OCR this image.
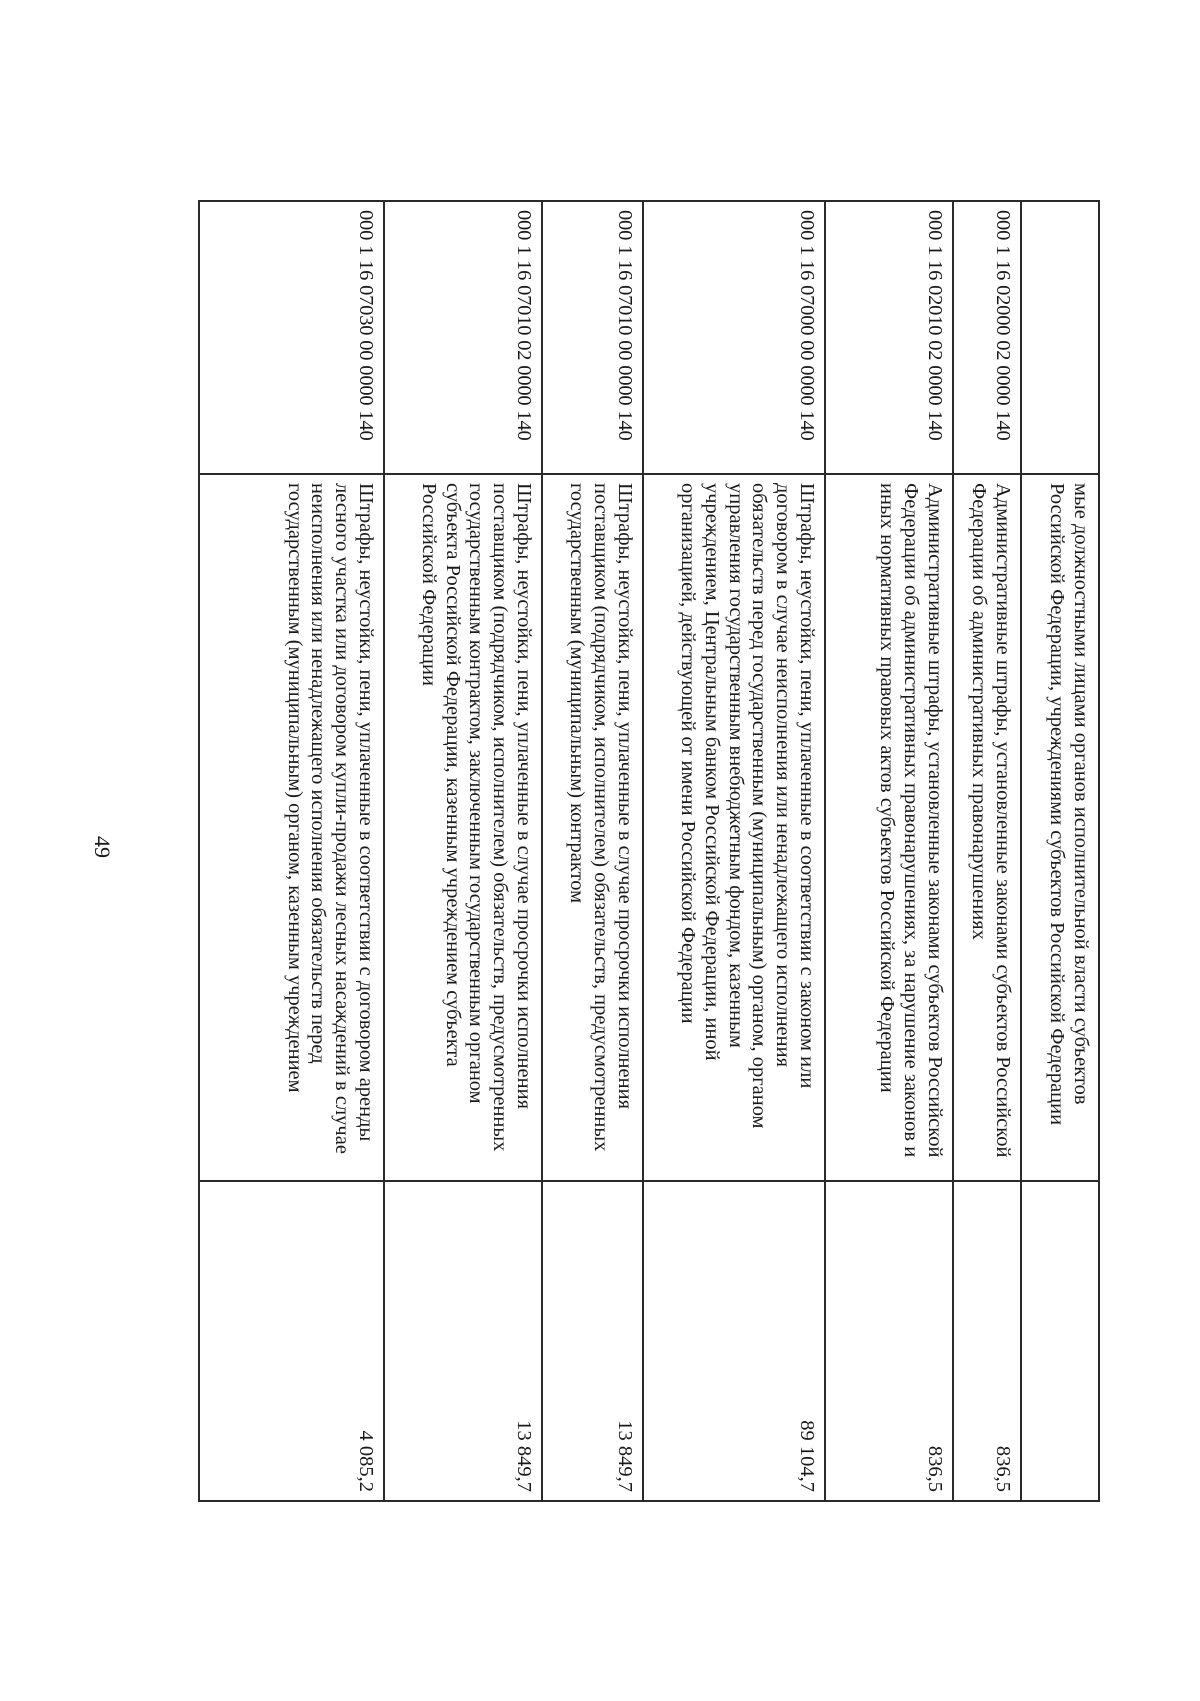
49
		мые должностными лицами органов исполнительной власти субъектов Российской Федерации, учреждениями субъектов Российской Федерации	
000 1 16 02000 02 0000 140	Административные штрафы, установленные законами субъектов Российской Федерации об административных правонарушениях	836,5
000 1 16 02010 02 0000 140	Административные штрафы, установленные законами субъектов Российской Федерации об административных правонарушениях, за нарушение законов и иных нормативных правовых актов субъектов Российской Федерации	836,5
000 1 16 07000 00 0000 140	Штрафы, неустойки, пени, уплаченные в соответствии с законом или договором в случае неисполнения или ненадлежащего исполнения обязательств перед государственным (муниципальным) органом, органом управления государственным внебюджетным фондом, казенным учреждением, Центральным банком Российской Федерации, иной организацией, действующей от имени Российской Федерации	89 104,7
000 1 16 07010 00 0000 140	Штрафы, неустойки, пени, уплаченные в случае просрочки исполнения поставщиком (подрядчиком, исполнителем) обязательств, предусмотренных государственным (муниципальным) контрактом	13 849,7
000 1 16 07010 02 0000 140	Штрафы, неустойки, пени, уплаченные в случае просрочки исполнения поставщиком (подрядчиком, исполнителем) обязательств, предусмотренных государственным контрактом, заключенным государственным органом субъекта Российской Федерации, казенным учреждением субъекта Российской Федерации	13 849,7
000 1 16 07030 00 0000 140	Штрафы, неустойки, пени, уплаченные в соответствии с договором аренды лесного участка или договором купли-продажи лесных насаждений в случае неисполнения или ненадлежащего исполнения обязательств перед государственным (муниципальным) органом, казенным учреждением	4 085,2
